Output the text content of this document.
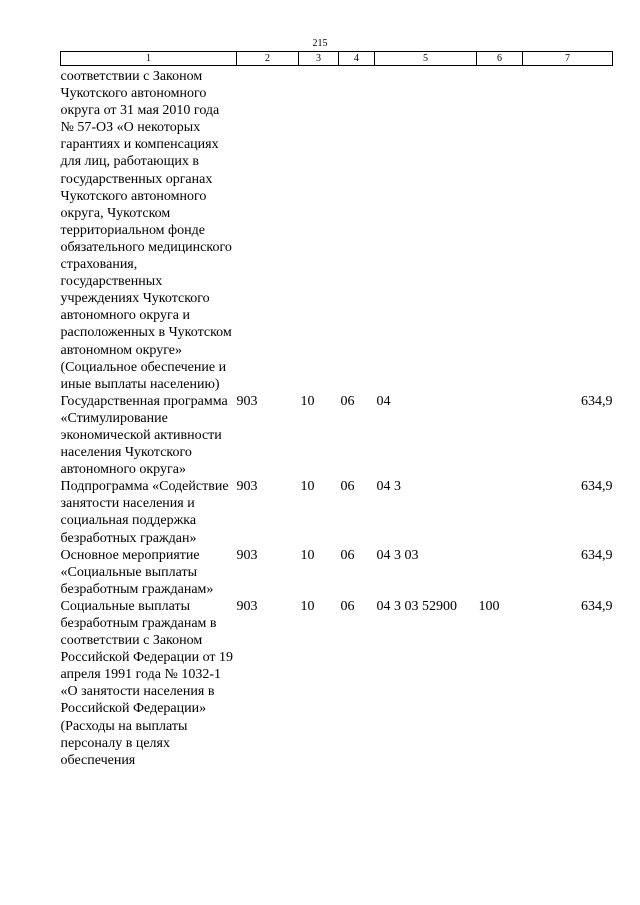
215
1	2	3	4	5	6	7
соответствии с Законом Чукотского автономного округа от 31 мая 2010 года № 57-ОЗ «О некоторых гарантиях и компенсациях для лиц, работающих в государственных органах Чукотского автономного округа, Чукотском территориальном фонде обязательного медицинского страхования, государственных учреждениях Чукотского автономного округа и расположенных в Чукотском автономном округе» (Социальное обеспечение и иные выплаты населению)						
Государственная программа «Стимулирование экономической активности населения Чукотского автономного округа»	903	10	06	04		634,9
Подпрограмма «Содействие занятости населения и социальная поддержка безработных граждан»	903	10	06	04 3		634,9
Основное мероприятие «Социальные выплаты безработным гражданам»	903	10	06	04 3 03		634,9
Социальные выплаты безработным гражданам в соответствии с Законом Российской Федерации от 19 апреля 1991 года № 1032-1 «О занятости населения в Российской Федерации» (Расходы на выплаты персоналу в целях обеспечения	903	10	06	04 3 03 52900	100	634,9
